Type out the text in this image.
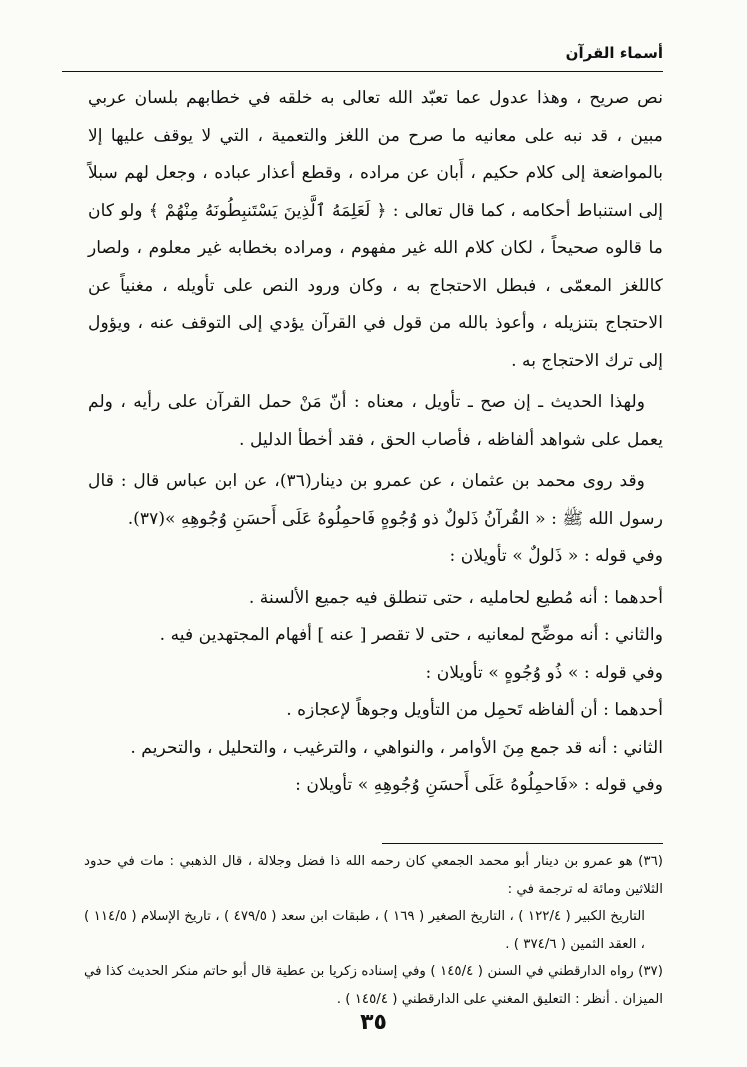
أسماء القرآن

نص صريح ، وهذا عدول عما تعبّد الله تعالى به خلقه في خطابهم بلسان عربي مبين ، قد نبه على معانيه ما صرح من اللغز والتعمية ، التي لا يوقف عليها إلا بالمواضعة إلى كلام حكيم ، أَبان عن مراده ، وقطع أعذار عباده ، وجعل لهم سبلاً إلى استنباط أحكامه ، كما قال تعالى : ﴿ لَعَلِمَهُ ٱلَّذِينَ يَسْتَنبِطُونَهُ مِنْهُمْ ﴾ ولو كان ما قالوه صحيحاً ، لكان كلام الله غير مفهوم ، ومراده بخطابه غير معلوم ، ولصار كاللغز المعمّى ، فبطل الاحتجاج به ، وكان ورود النص على تأويله ، مغنياً عن الاحتجاج بتنزيله ، وأعوذ بالله من قول في القرآن يؤدي إلى التوقف عنه ، ويؤول إلى ترك الاحتجاج به .

ولهذا الحديث ـ إن صح ـ تأويل ، معناه : أنّ مَنْ حمل القرآن على رأيه ، ولم يعمل على شواهد ألفاظه ، فأصاب الحق ، فقد أخطأ الدليل .

وقد روى محمد بن عثمان ، عن عمرو بن دينار(٣٦)، عن ابن عباس قال : قال رسول الله ﷺ : « القُرآنُ ذَلولٌ ذو وُجُوهٍ فَاحمِلُوهُ عَلَى أَحسَنِ وُجُوهِهِ »(٣٧).

وفي قوله : « ذَلولٌ » تأويلان :

أحدهما : أنه مُطيع لحامليه ، حتى تنطلق فيه جميع الألسنة .

والثاني : أنه موضِّح لمعانيه ، حتى لا تقصر [ عنه ] أفهام المجتهدين فيه .

وفي قوله : » ذُو وُجُوهٍ » تأويلان :

أحدهما : أن ألفاظه تَحمِل من التأويل وجوهاً لإعجازه .

الثاني : أنه قد جمع مِنَ الأوامر ، والنواهي ، والترغيب ، والتحليل ، والتحريم .

وفي قوله : «فَاحمِلُوهُ عَلَى أَحسَنِ وُجُوهِهِ » تأويلان :

(٣٦) هو عمرو بن دينار أبو محمد الجمعي كان رحمه الله ذا فضل وجلالة ، قال الذهبي : مات في حدود الثلاثين ومائة له ترجمة في :

التاريخ الكبير ( ١٢٢/٤ ) ، التاريخ الصغير ( ١٦٩ ) ، طبقات ابن سعد ( ٤٧٩/٥ ) ، تاريخ الإسلام ( ١١٤/٥ ) ، العقد الثمين ( ٣٧٤/٦ ) .

(٣٧) رواه الدارقطني في السنن ( ١٤٥/٤ ) وفي إسناده زكريا بن عطية قال أبو حاتم منكر الحديث كذا في الميزان . أنظر : التعليق المغني على الدارقطني ( ١٤٥/٤ ) .

٣٥
